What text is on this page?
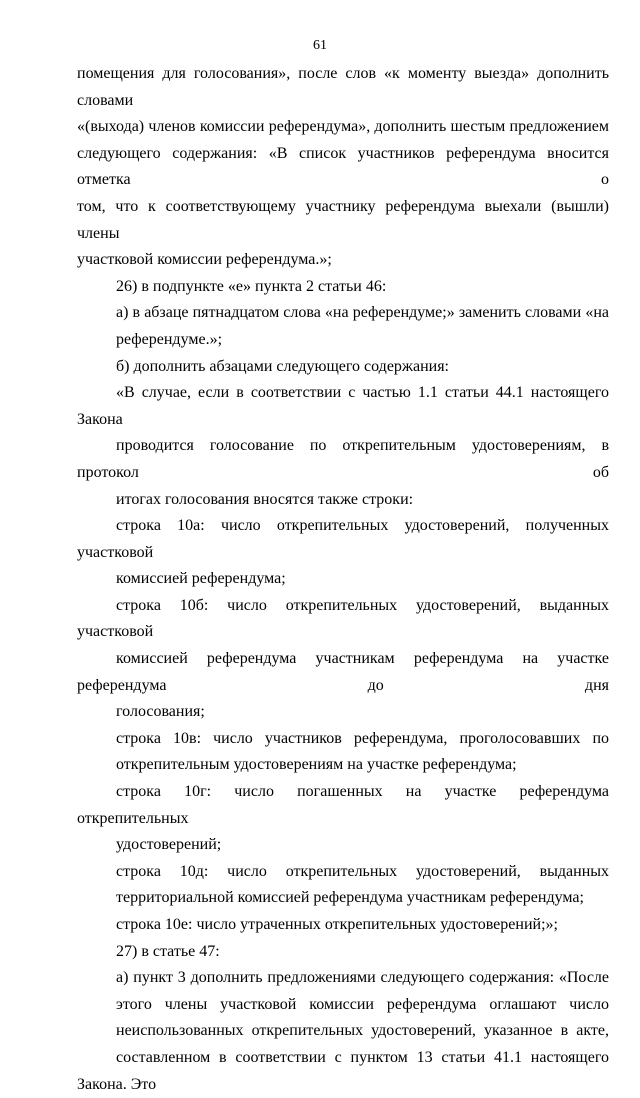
61

помещения для голосования», после слов «к моменту выезда» дополнить словами
«(выхода) членов комиссии референдума», дополнить шестым предложением
следующего содержания: «В список участников референдума вносится отметка о
том, что к соответствующему участнику референдума выехали (вышли) члены
участковой комиссии референдума.»;

26) в подпункте «е» пункта 2 статьи 46:

а) в абзаце пятнадцатом слова «на референдуме;» заменить словами «на
референдуме.»;

б) дополнить абзацами следующего содержания:

«В случае, если в соответствии с частью 1.1 статьи 44.1 настоящего Закона
проводится голосование по открепительным удостоверениям, в протокол об
итогах голосования вносятся также строки:

строка 10а: число открепительных удостоверений, полученных участковой
комиссией референдума;

строка 10б: число открепительных удостоверений, выданных участковой
комиссией референдума участникам референдума на участке референдума до дня
голосования;

строка 10в: число участников референдума, проголосовавших по
открепительным удостоверениям на участке референдума;

строка 10г: число погашенных на участке референдума открепительных
удостоверений;

строка 10д: число открепительных удостоверений, выданных
территориальной комиссией референдума участникам референдума;

строка 10е: число утраченных открепительных удостоверений;»;

27) в статье 47:

а) пункт 3 дополнить предложениями следующего содержания: «После
этого члены участковой комиссии референдума оглашают число
неиспользованных открепительных удостоверений, указанное в акте,
составленном в соответствии с пунктом 13 статьи 41.1 настоящего Закона. Это
